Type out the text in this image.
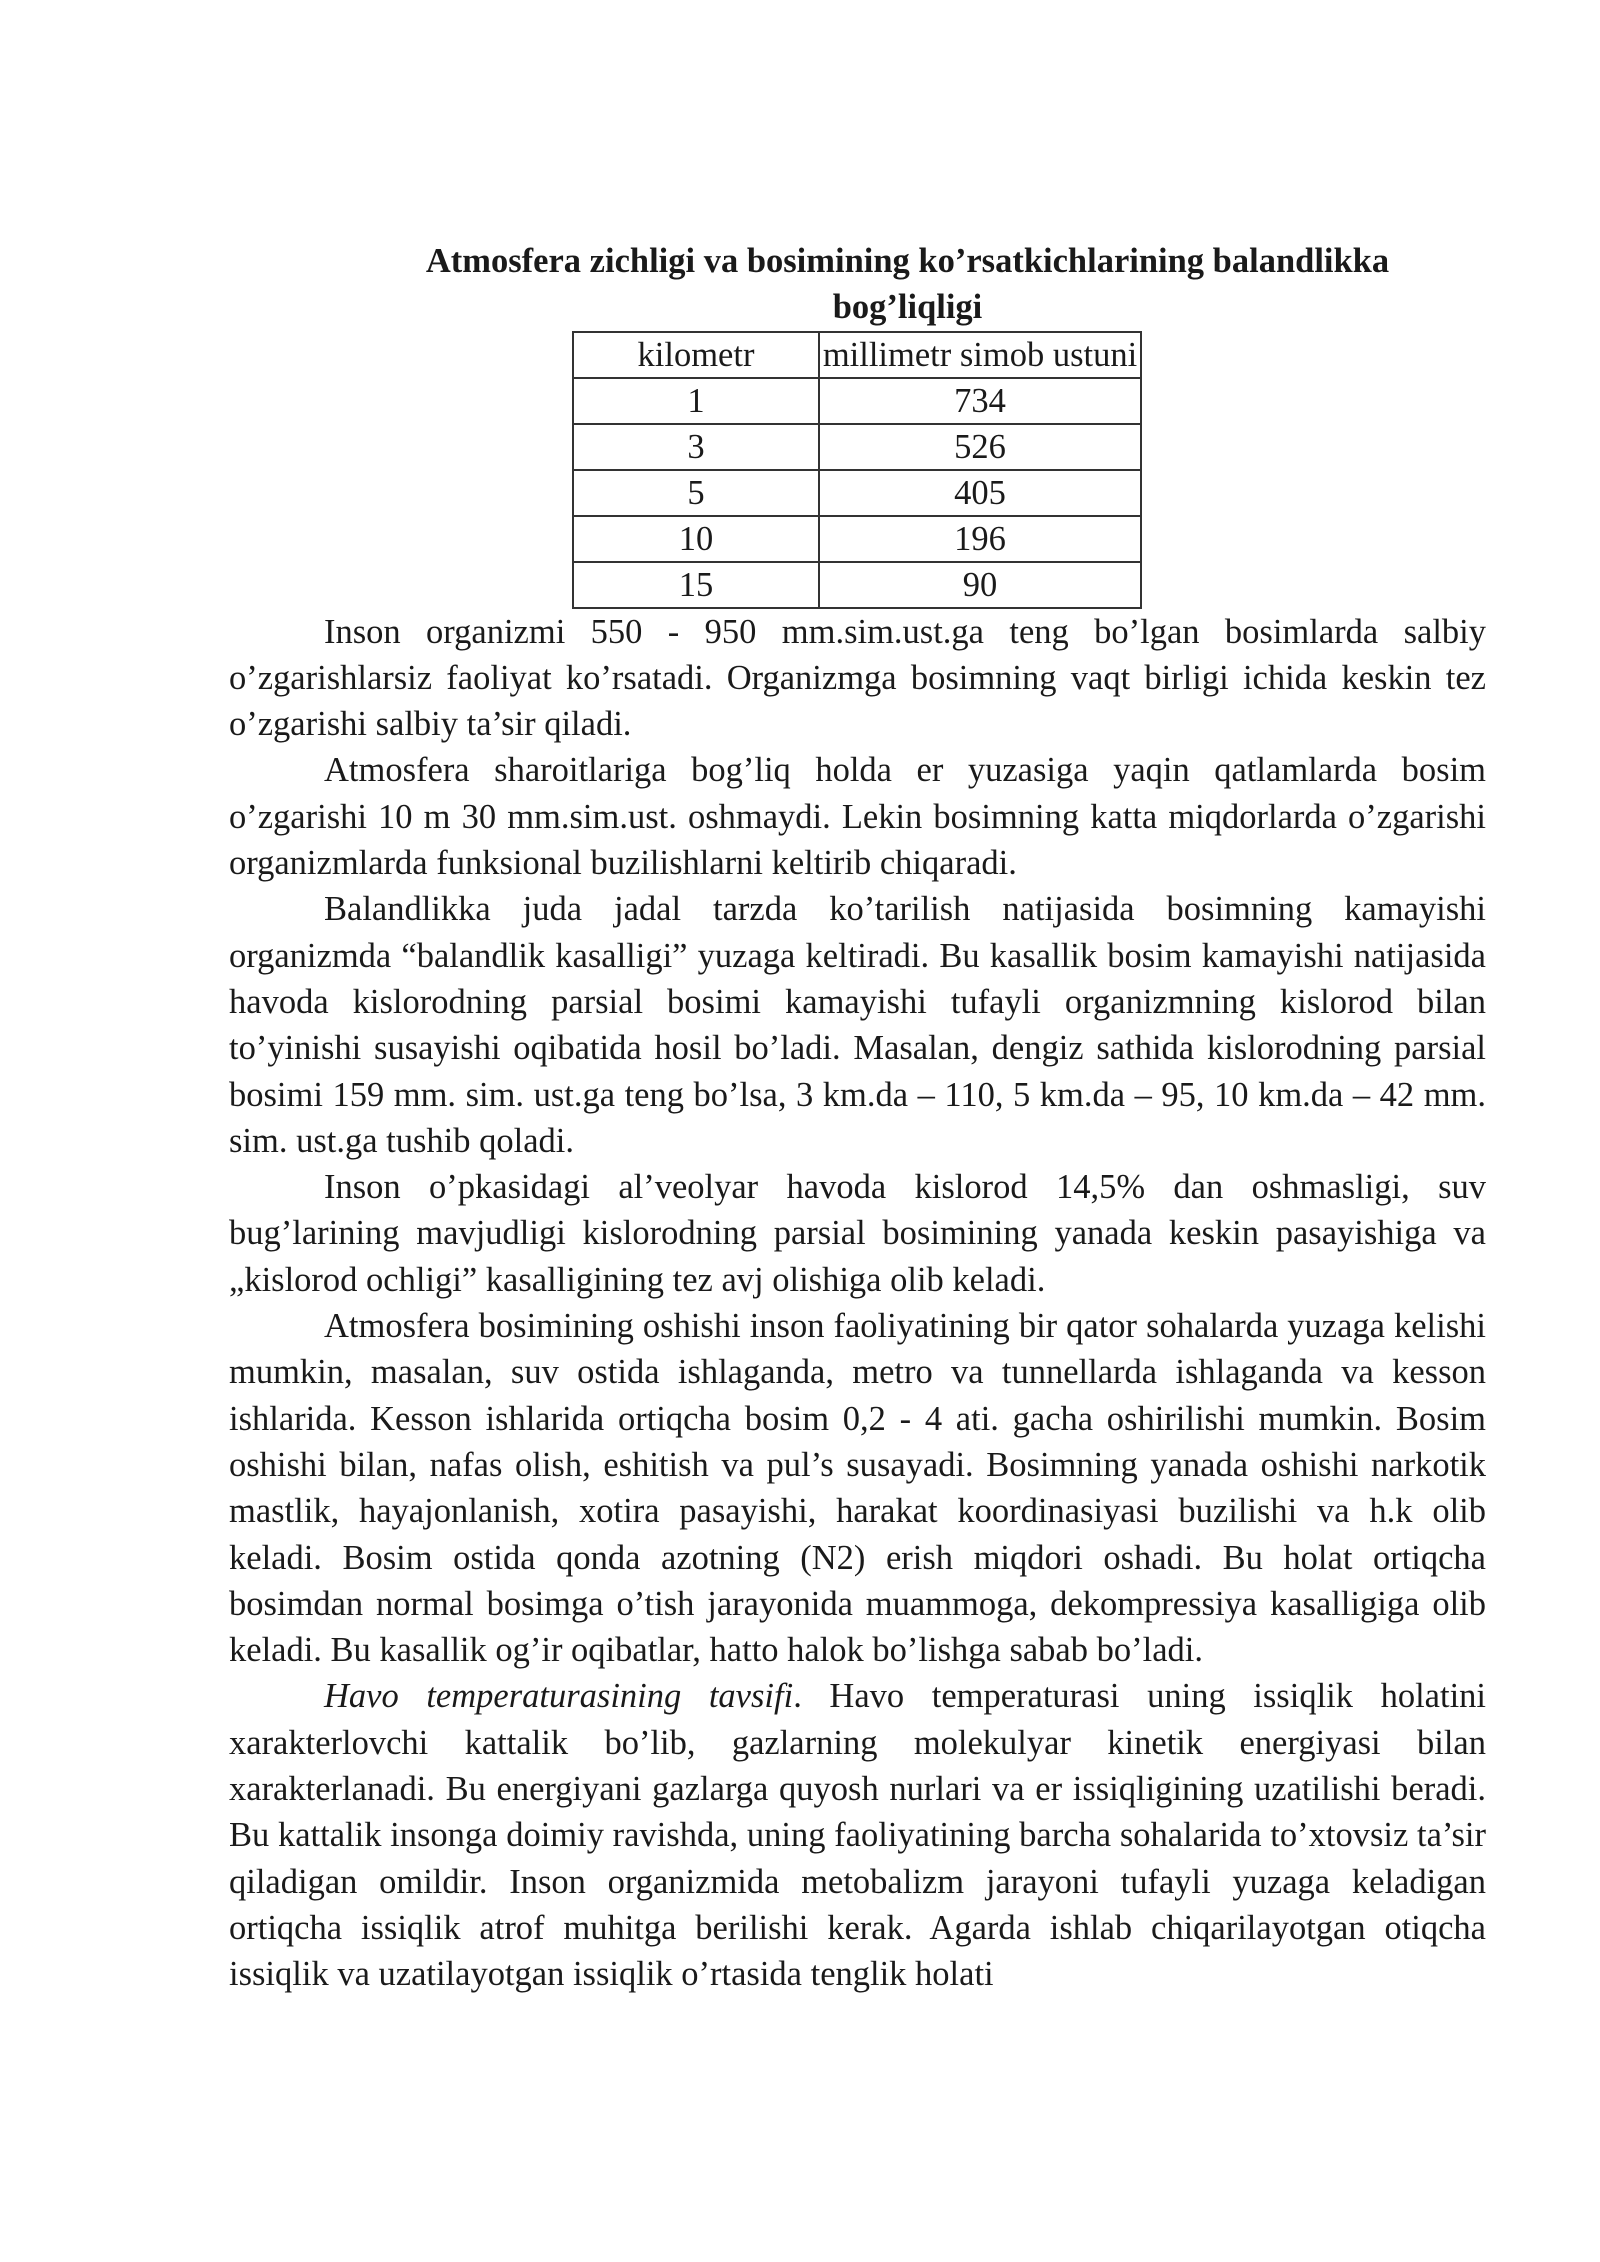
Atmosfera zichligi va bosimining ko’rsatkichlarining balandlikka
bog’liqligi

kilometr	millimetr simob ustuni
1	734
3	526
5	405
10	196
15	90

Inson organizmi 550 - 950 mm.sim.ust.ga teng bo’lgan bosimlarda salbiy o’zgarishlarsiz faoliyat ko’rsatadi. Organizmga bosimning vaqt birligi ichida keskin tez o’zgarishi salbiy ta’sir qiladi.

Atmosfera sharoitlariga bog’liq holda er yuzasiga yaqin qatlamlarda bosim o’zgarishi 10 m 30 mm.sim.ust. oshmaydi. Lekin bosimning katta miqdorlarda o’zgarishi organizmlarda funksional buzilishlarni keltirib chiqaradi.

Balandlikka juda jadal tarzda ko’tarilish natijasida bosimning kamayishi organizmda “balandlik kasalligi” yuzaga keltiradi. Bu kasallik bosim kamayishi natijasida havoda kislorodning parsial bosimi kamayishi tufayli organizmning kislorod bilan to’yinishi susayishi oqibatida hosil bo’ladi. Masalan, dengiz sathida kislorodning parsial bosimi 159 mm. sim. ust.ga teng bo’lsa, 3 km.da – 110, 5 km.da – 95, 10 km.da – 42 mm. sim. ust.ga tushib qoladi.

Inson o’pkasidagi al’veolyar havoda kislorod 14,5% dan oshmasligi, suv bug’larining mavjudligi kislorodning parsial bosimining yanada keskin pasayishiga va „kislorod ochligi” kasalligining tez avj olishiga olib keladi.

Atmosfera bosimining oshishi inson faoliyatining bir qator sohalarda yuzaga kelishi mumkin, masalan, suv ostida ishlaganda, metro va tunnellarda ishlaganda va kesson ishlarida. Kesson ishlarida ortiqcha bosim 0,2 - 4 ati. gacha oshirilishi mumkin. Bosim oshishi bilan, nafas olish, eshitish va pul’s susayadi. Bosimning yanada oshishi narkotik mastlik, hayajonlanish, xotira pasayishi, harakat koordinasiyasi buzilishi va h.k olib keladi. Bosim ostida qonda azotning (N2) erish miqdori oshadi. Bu holat ortiqcha bosimdan normal bosimga o’tish jarayonida muammoga, dekompressiya kasalligiga olib keladi. Bu kasallik og’ir oqibatlar, hatto halok bo’lishga sabab bo’ladi.

Havo temperaturasining tavsifi. Havo temperaturasi uning issiqlik holatini xarakterlovchi kattalik bo’lib, gazlarning molekulyar kinetik energiyasi bilan xarakterlanadi. Bu energiyani gazlarga quyosh nurlari va er issiqligining uzatilishi beradi. Bu kattalik insonga doimiy ravishda, uning faoliyatining barcha sohalarida to’xtovsiz ta’sir qiladigan omildir. Inson organizmida metobalizm jarayoni tufayli yuzaga keladigan ortiqcha issiqlik atrof muhitga berilishi kerak. Agarda ishlab chiqarilayotgan otiqcha issiqlik va uzatilayotgan issiqlik o’rtasida tenglik holati
